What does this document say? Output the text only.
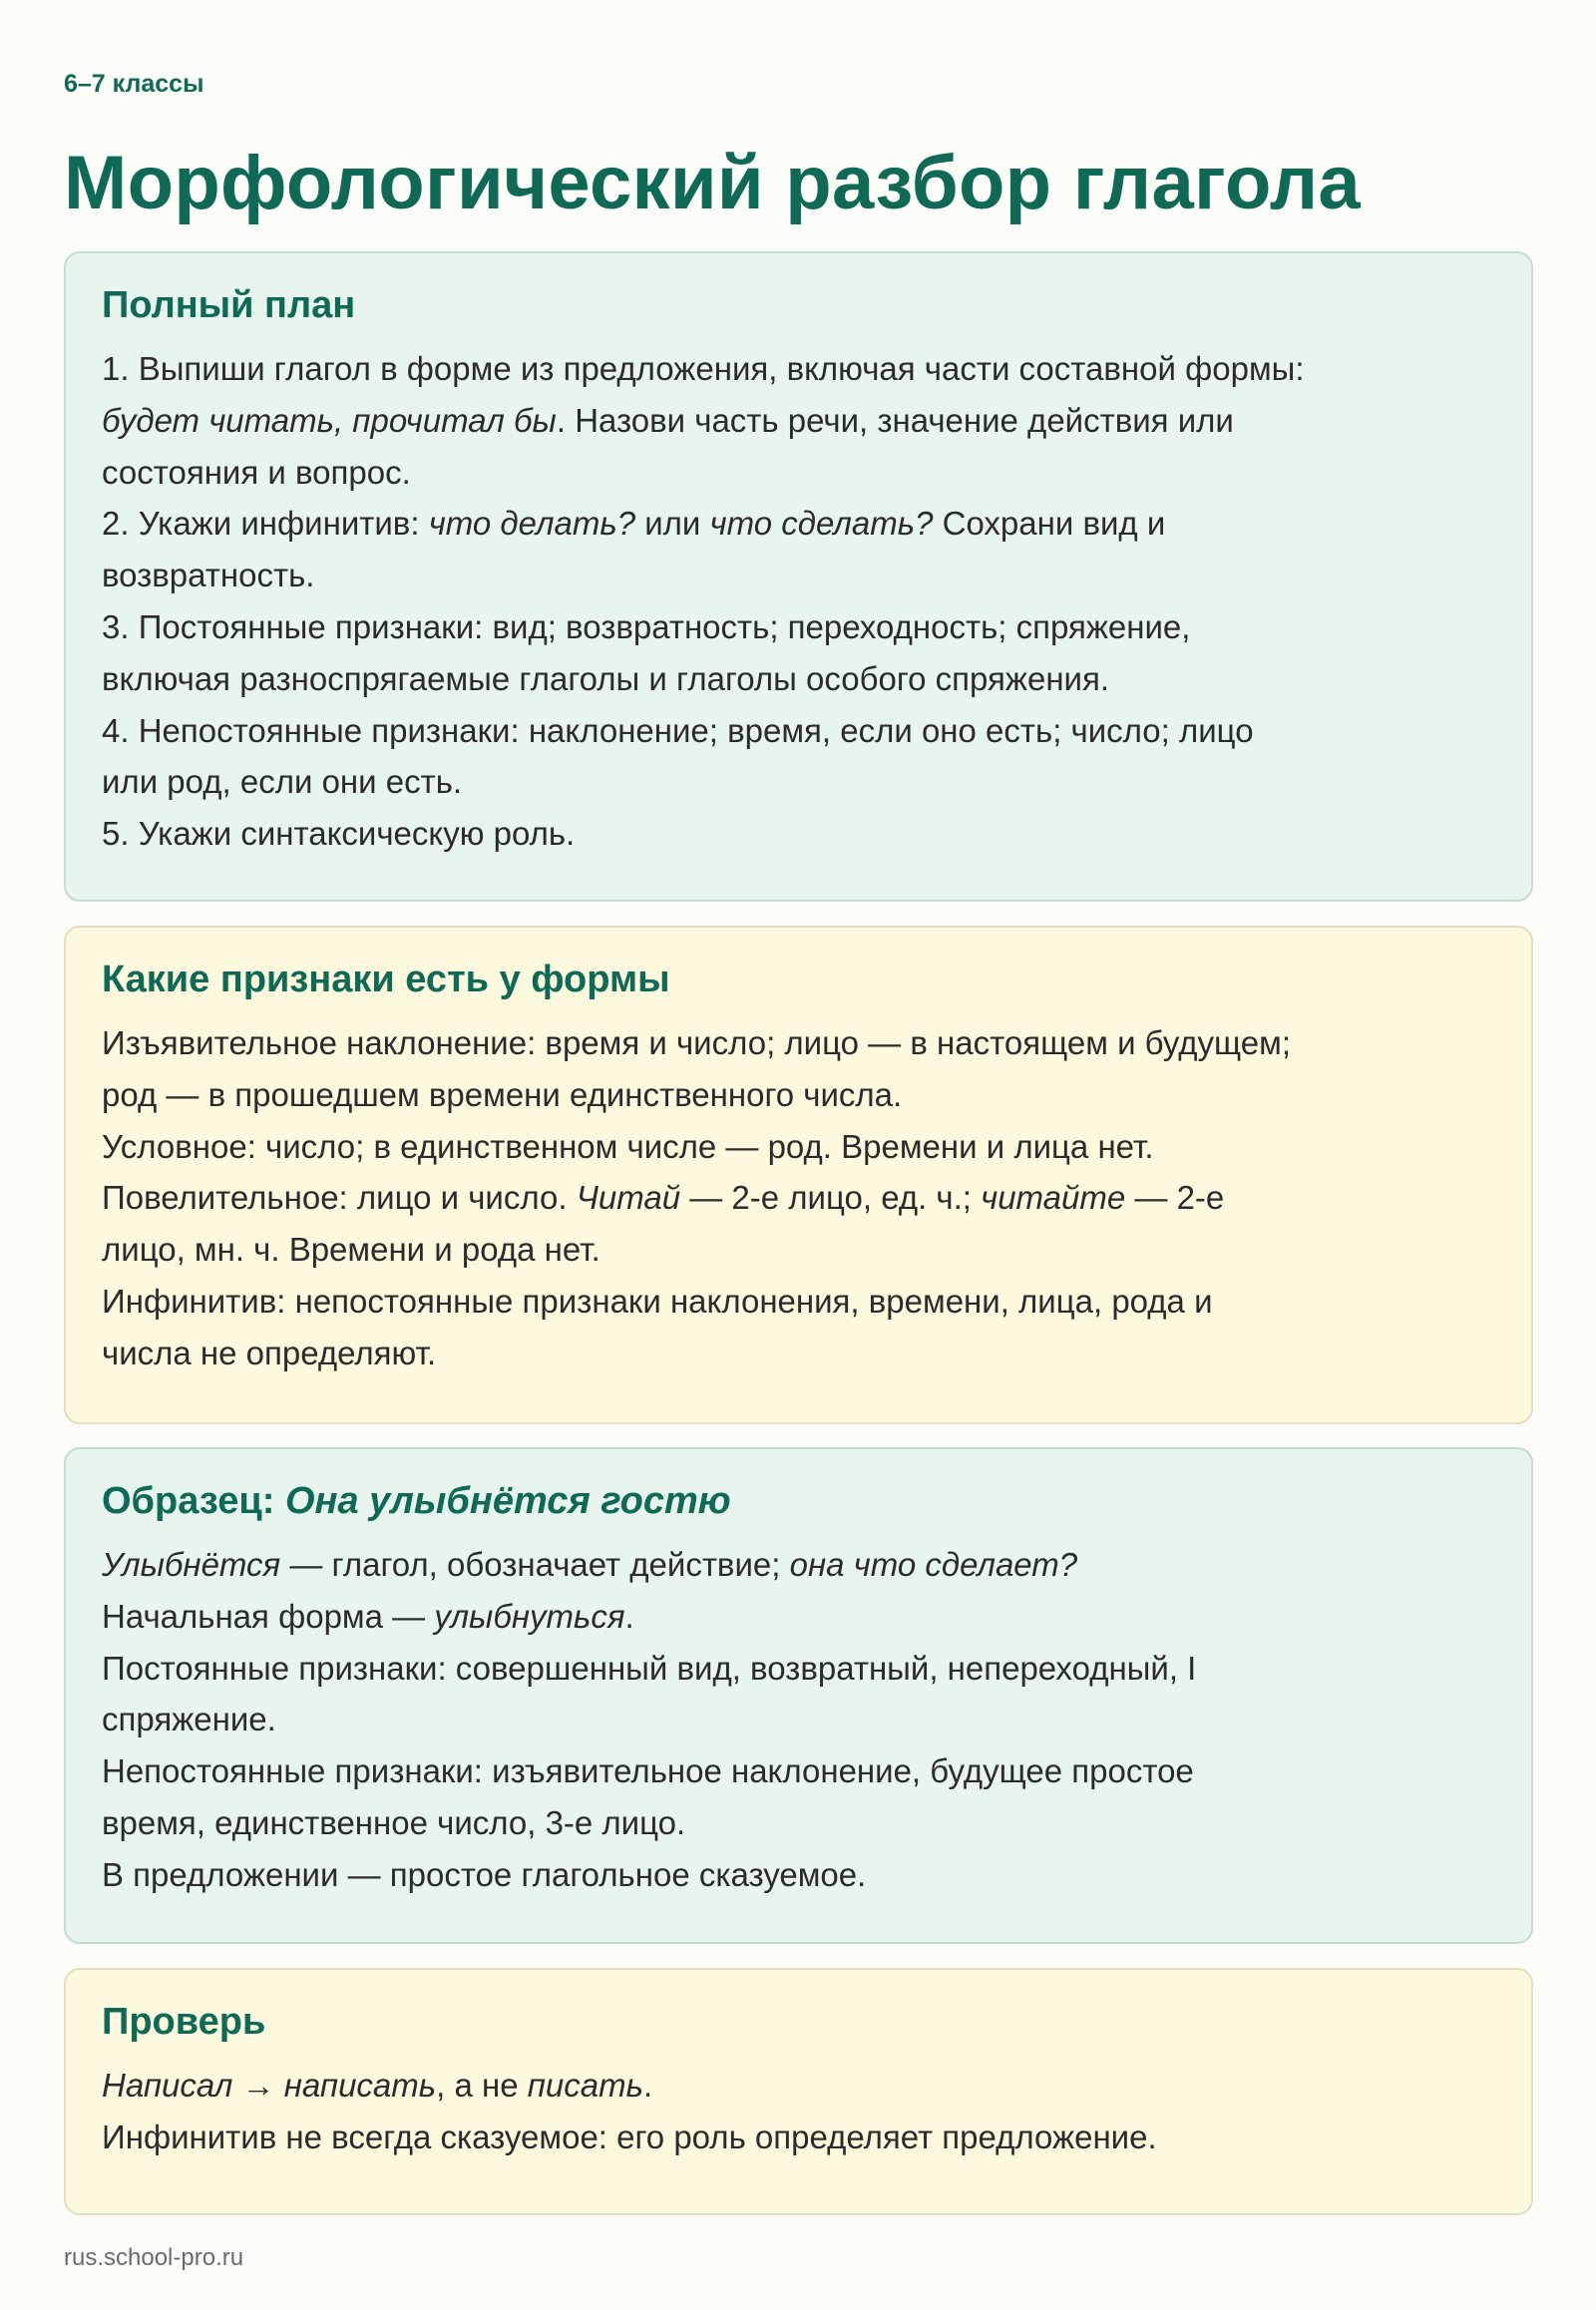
6–7 классы
Морфологический разбор глагола
Полный план

1. Выпиши глагол в форме из предложения, включая части составной формы:

будет читать, прочитал бы. Назови часть речи, значение действия или

состояния и вопрос.

2. Укажи инфинитив: что делать? или что сделать? Сохрани вид и

возвратность.

3. Постоянные признаки: вид; возвратность; переходность; спряжение,

включая разноспрягаемые глаголы и глаголы особого спряжения.

4. Непостоянные признаки: наклонение; время, если оно есть; число; лицо

или род, если они есть.

5. Укажи синтаксическую роль.

Какие признаки есть у формы

Изъявительное наклонение: время и число; лицо — в настоящем и будущем;

род — в прошедшем времени единственного числа.

Условное: число; в единственном числе — род. Времени и лица нет.

Повелительное: лицо и число. Читай — 2-е лицо, ед. ч.; читайте — 2-е

лицо, мн. ч. Времени и рода нет.

Инфинитив: непостоянные признаки наклонения, времени, лица, рода и

числа не определяют.

Образец: Она улыбнётся гостю

Улыбнётся — глагол, обозначает действие; она что сделает?

Начальная форма — улыбнуться.

Постоянные признаки: совершенный вид, возвратный, непереходный, I

спряжение.

Непостоянные признаки: изъявительное наклонение, будущее простое

время, единственное число, 3-е лицо.

В предложении — простое глагольное сказуемое.

Проверь

Написал → написать, а не писать.

Инфинитив не всегда сказуемое: его роль определяет предложение.

rus.school-pro.ru
